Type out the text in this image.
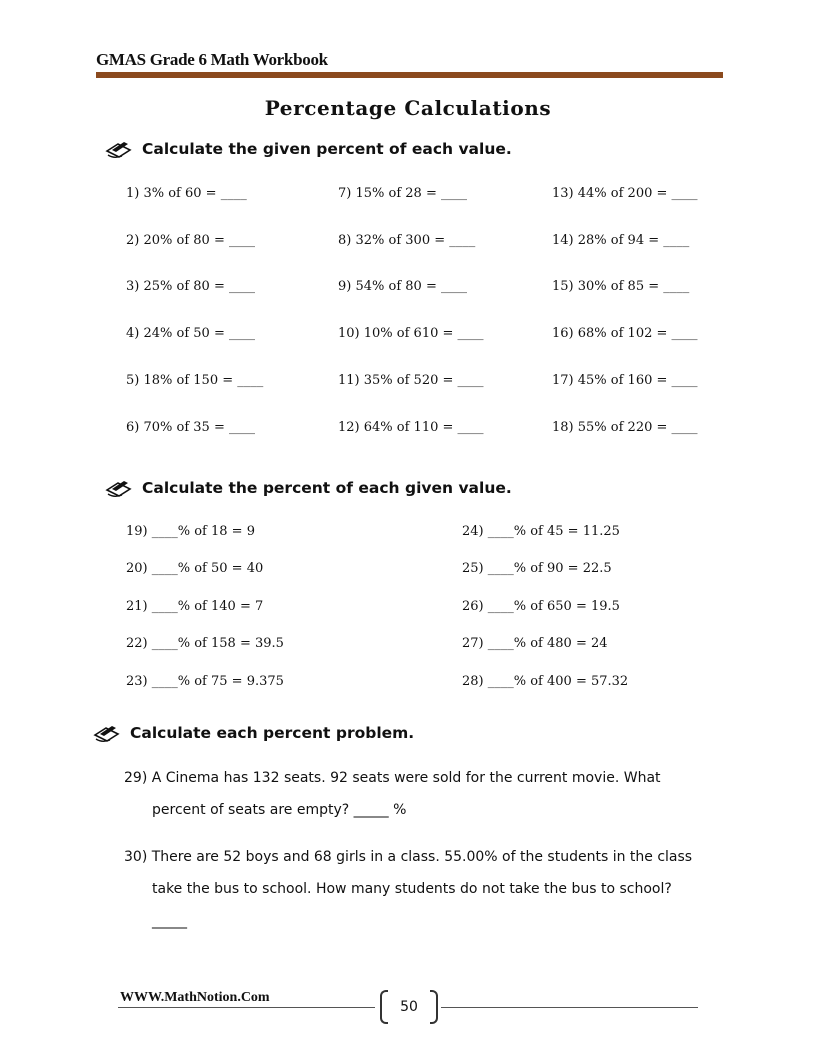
GMAS Grade 6 Math Workbook
Percentage Calculations
Calculate the given percent of each value.
1) 3% of 60 = ____
2) 20% of 80 = ____
3) 25% of 80 = ____
4) 24% of 50 = ____
5) 18% of 150 = ____
6) 70% of 35 = ____
7) 15% of 28 = ____
8) 32% of 300 = ____
9) 54% of 80 = ____
10) 10% of 610 = ____
11) 35% of 520 = ____
12) 64% of 110 = ____
13) 44% of 200 = ____
14) 28% of 94 = ____
15) 30% of 85 = ____
16) 68% of 102 = ____
17) 45% of 160 = ____
18) 55% of 220 = ____
Calculate the percent of each given value.
19) ____% of 18 = 9
20) ____% of 50 = 40
21) ____% of 140 = 7
22) ____% of 158 = 39.5
23) ____% of 75 = 9.375
24) ____% of 45 = 11.25
25) ____% of 90 = 22.5
26) ____% of 650 = 19.5
27) ____% of 480 = 24
28) ____% of 400 = 57.32
Calculate each percent problem.
29) A Cinema has 132 seats. 92 seats were sold for the current movie. What
percent of seats are empty? _____ %
30) There are 52 boys and 68 girls in a class. 55.00% of the students in the class
take the bus to school. How many students do not take the bus to school?
_____
WWW.MathNotion.Com
50
